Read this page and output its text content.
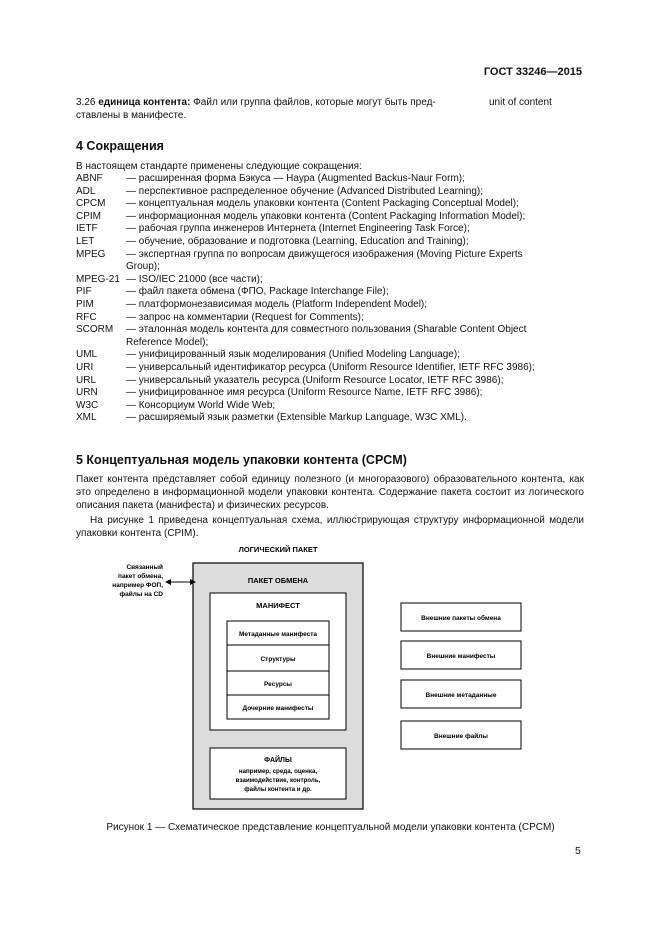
ГОСТ 33246—2015
3.26 единица контента: Файл или группа файлов, которые могут быть пред-
ставлены в манифесте.
unit of content
4 Сокращения
В настоящем стандарте применены следующие сокращения:
ABNF	— расширенная форма Бэкуса — Наура (Augmented Backus-Naur Form);
ADL	— перспективное распределенное обучение (Advanced Distributed Learning);
CPCM	— концептуальная модель упаковки контента (Content Packaging Conceptual Model);
CPIM	— информационная модель упаковки контента (Content Packaging Information Model);
IETF	— рабочая группа инженеров Интернета (Internet Engineering Task Force);
LET	— обучение, образование и подготовка (Learning, Education and Training);
MPEG	— экспертная группа по вопросам движущегося изображения (Moving Picture Experts
Group);
MPEG-21 — ISO/IEC 21000 (все части);
PIF	— файл пакета обмена (ФПО, Package Interchange File);
PIM	— платформонезависимая модель (Platform Independent Model);
RFC	— запрос на комментарии (Request for Comments);
SCORM	— эталонная модель контента для совместного пользования (Sharable Content Object
Reference Model);
UML	— унифицированный язык моделирования (Unified Modeling Language);
URI	— универсальный идентификатор ресурса (Uniform Resource Identifier, IETF RFC 3986);
URL	— универсальный указатель ресурса (Uniform Resource Locator, IETF RFC 3986);
URN	— унифицированное имя ресурса (Uniform Resource Name, IETF RFC 3986);
W3C	— Консорциум World Wide Web;
XML	— расширяемый язык разметки (Extensible Markup Language, W3C XML).
5 Концептуальная модель упаковки контента (CPCM)
Пакет контента представляет собой единицу полезного (и многоразового) образовательного контента, как это определено в информационной модели упаковки контента. Содержание пакета состоит из логического описания пакета (манифеста) и физических ресурсов.
На рисунке 1 приведена концептуальная схема, иллюстрирующая структуру информационной модели упаковки контента (CPIM).
ЛОГИЧЕСКИЙ ПАКЕТ
ПАКЕТ ОБМЕНА
Связанный
пакет обмена,
например ФОП,
файлы на CD
МАНИФЕСТ
Метаданные манифеста
Структуры
Ресурсы
Дочерние манифесты
ФАЙЛЫ
например, среда, оценка,
взаимодействие, контроль,
файлы контента и др.
Внешние пакеты обмена
Внешние манифесты
Внешние метаданные
Внешние файлы
Рисунок 1 — Схематическое представление концептуальной модели упаковки контента (CPCM)
5
